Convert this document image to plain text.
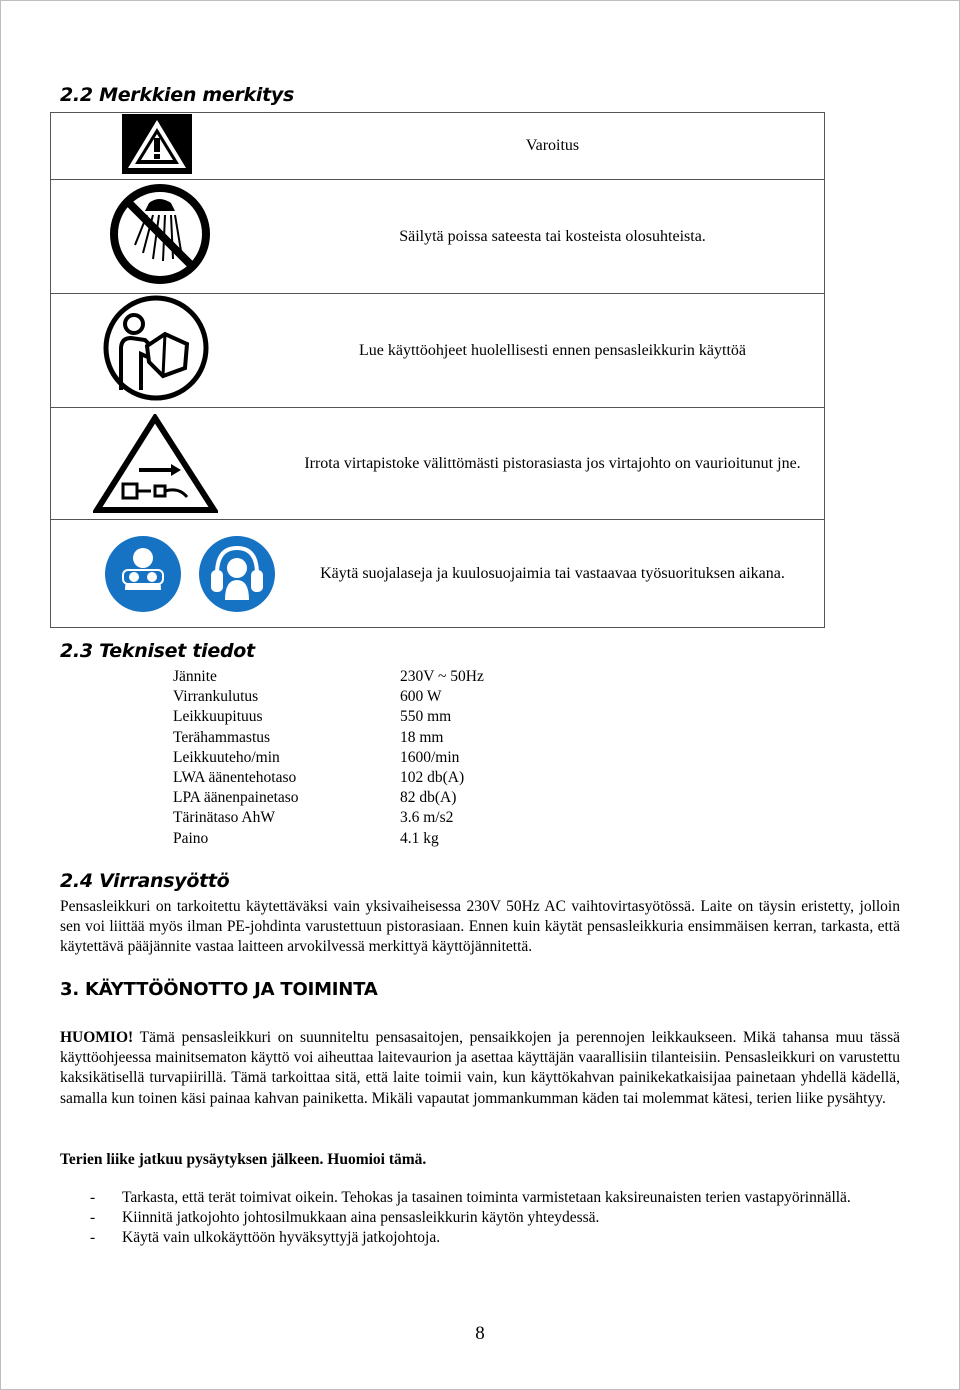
2.2 Merkkien merkitys
	Varoitus

	Säilytä poissa sateesta tai kosteista olosuhteista.

	Lue käyttöohjeet huolellisesti ennen pensasleikkurin käyttöä

	Irrota virtapistoke välittömästi pistorasiasta jos virtajohto on vaurioitunut jne.

	Käytä suojalaseja ja kuulosuojaimia tai vastaavaa työsuorituksen aikana.
2.3 Tekniset tiedot
Jännite	230V ~ 50Hz
Virrankulutus	600 W
Leikkuupituus	550 mm
Terähammastus	18 mm
Leikkuuteho/min	1600/min
LWA äänentehotaso	102 db(A)
LPA äänenpainetaso	82 db(A)
Tärinätaso AhW	3.6 m/s2
Paino	4.1 kg
2.4 Virransyöttö

Pensasleikkuri on tarkoitettu käytettäväksi vain yksivaiheisessa 230V 50Hz AC vaihtovirtasyötössä. Laite on täysin eristetty, jolloin sen voi liittää myös ilman PE-johdinta varustettuun pistorasiaan. Ennen kuin käytät pensasleikkuria ensimmäisen kerran, tarkasta, että käytettävä pääjännite vastaa laitteen arvokilvessä merkittyä käyttöjännitettä.

3. KÄYTTÖÖNOTTO JA TOIMINTA

HUOMIO! Tämä pensasleikkuri on suunniteltu pensasaitojen, pensaikkojen ja perennojen leikkaukseen. Mikä tahansa muu tässä käyttöohjeessa mainitsematon käyttö voi aiheuttaa laitevaurion ja asettaa käyttäjän vaarallisiin tilanteisiin. Pensasleikkuri on varustettu kaksikätisellä turvapiirillä. Tämä tarkoittaa sitä, että laite toimii vain, kun käyttökahvan painikekatkaisijaa painetaan yhdellä kädellä, samalla kun toinen käsi painaa kahvan painiketta. Mikäli vapautat jommankumman käden tai molemmat kätesi, terien liike pysähtyy.

Terien liike jatkuu pysäytyksen jälkeen. Huomioi tämä.

-	Tarkasta, että terät toimivat oikein. Tehokas ja tasainen toiminta varmistetaan kaksireunaisten terien vastapyörinnällä.
-	Kiinnitä jatkojohto johtosilmukkaan aina pensasleikkurin käytön yhteydessä.
-	Käytä vain ulkokäyttöön hyväksyttyjä jatkojohtoja.
8
